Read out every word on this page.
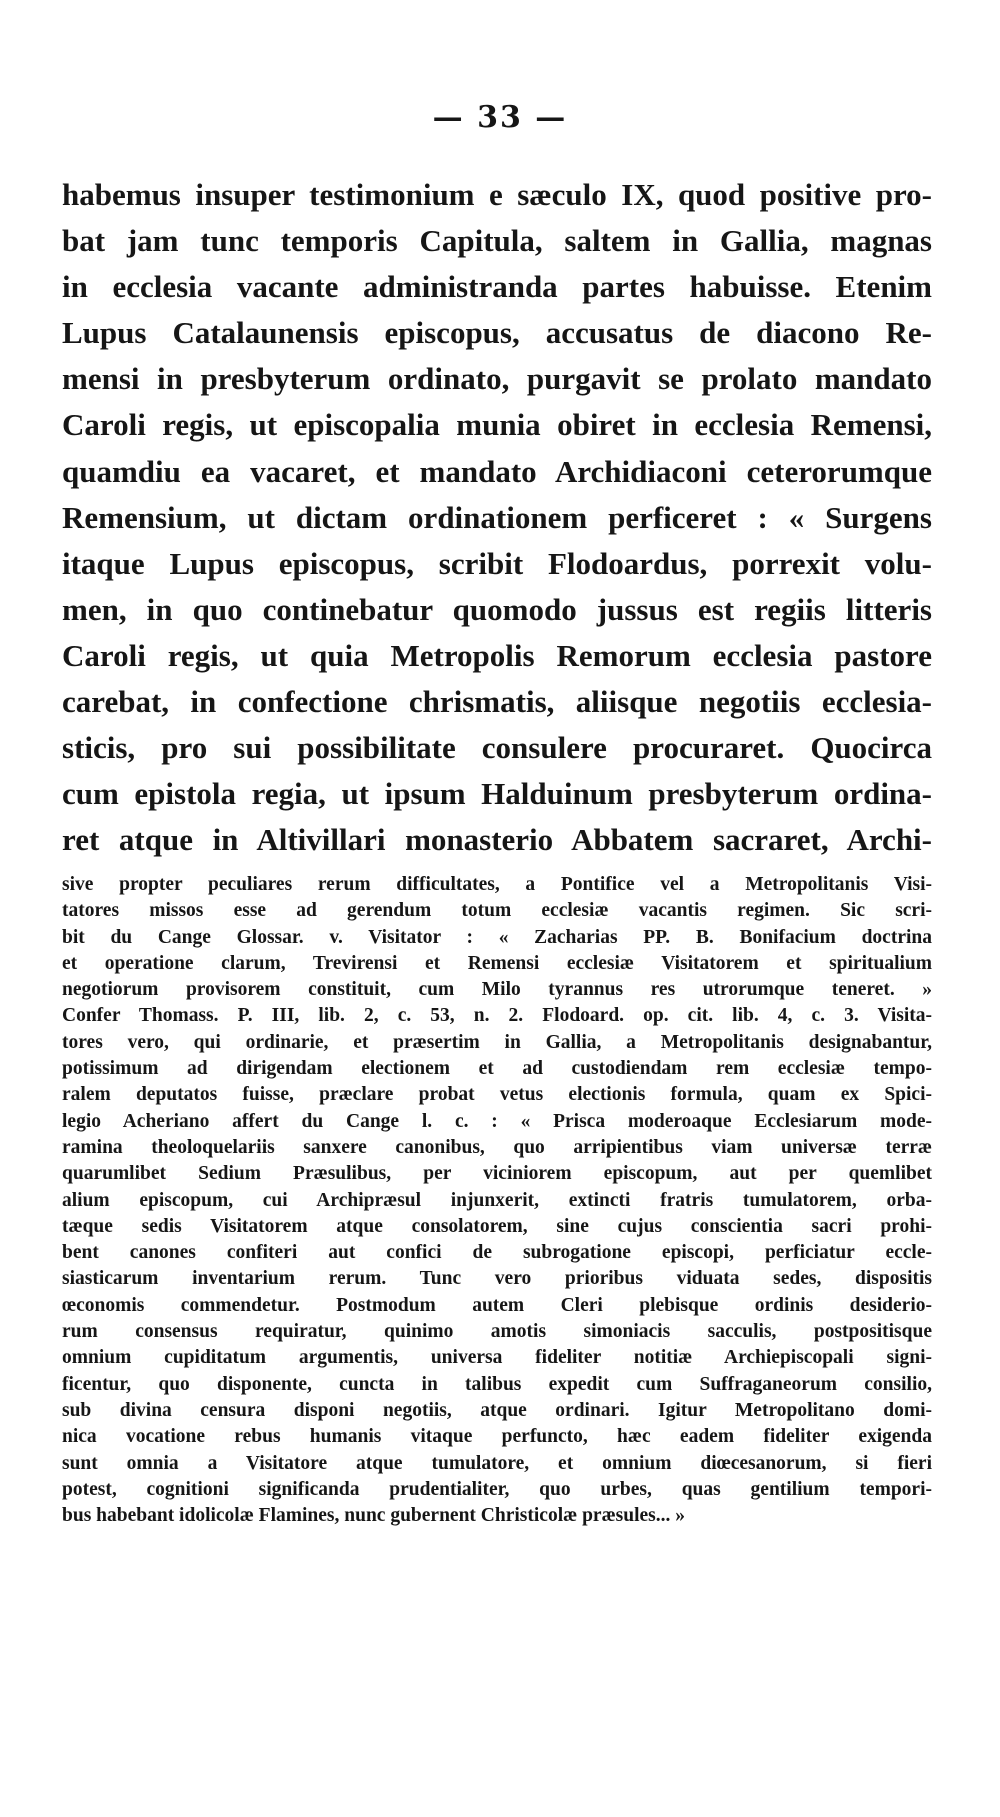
— 33 —
habemus insuper testimonium e sæculo IX, quod positive pro-
bat jam tunc temporis Capitula, saltem in Gallia, magnas
in ecclesia vacante administranda partes habuisse. Etenim
Lupus Catalaunensis episcopus, accusatus de diacono Re-
mensi in presbyterum ordinato, purgavit se prolato mandato
Caroli regis, ut episcopalia munia obiret in ecclesia Remensi,
quamdiu ea vacaret, et mandato Archidiaconi ceterorumque
Remensium, ut dictam ordinationem perficeret : « Surgens
itaque Lupus episcopus, scribit Flodoardus, porrexit volu-
men, in quo continebatur quomodo jussus est regiis litteris
Caroli regis, ut quia Metropolis Remorum ecclesia pastore
carebat, in confectione chrismatis, aliisque negotiis ecclesia-
sticis, pro sui possibilitate consulere procuraret. Quocirca
cum epistola regia, ut ipsum Halduinum presbyterum ordina-
ret atque in Altivillari monasterio Abbatem sacraret, Archi-
sive propter peculiares rerum difficultates, a Pontifice vel a Metropolitanis Visi-
tatores missos esse ad gerendum totum ecclesiæ vacantis regimen. Sic scri-
bit du Cange Glossar. v. Visitator : « Zacharias PP. B. Bonifacium doctrina
et operatione clarum, Trevirensi et Remensi ecclesiæ Visitatorem et spiritualium
negotiorum provisorem constituit, cum Milo tyrannus res utrorumque teneret. »
Confer Thomass. P. III, lib. 2, c. 53, n. 2. Flodoard. op. cit. lib. 4, c. 3. Visita-
tores vero, qui ordinarie, et præsertim in Gallia, a Metropolitanis designabantur,
potissimum ad dirigendam electionem et ad custodiendam rem ecclesiæ tempo-
ralem deputatos fuisse, præclare probat vetus electionis formula, quam ex Spici-
legio Acheriano affert du Cange l. c. : « Prisca moderoaque Ecclesiarum mode-
ramina theoloquelariis sanxere canonibus, quo arripientibus viam universæ terræ
quarumlibet Sedium Præsulibus, per viciniorem episcopum, aut per quemlibet
alium episcopum, cui Archipræsul injunxerit, extincti fratris tumulatorem, orba-
tæque sedis Visitatorem atque consolatorem, sine cujus conscientia sacri prohi-
bent canones confiteri aut confici de subrogatione episcopi, perficiatur eccle-
siasticarum inventarium rerum. Tunc vero prioribus viduata sedes, dispositis
œconomis commendetur. Postmodum autem Cleri plebisque ordinis desiderio-
rum consensus requiratur, quinimo amotis simoniacis sacculis, postpositisque
omnium cupiditatum argumentis, universa fideliter notitiæ Archiepiscopali signi-
ficentur, quo disponente, cuncta in talibus expedit cum Suffraganeorum consilio,
sub divina censura disponi negotiis, atque ordinari. Igitur Metropolitano domi-
nica vocatione rebus humanis vitaque perfuncto, hæc eadem fideliter exigenda
sunt omnia a Visitatore atque tumulatore, et omnium diœcesanorum, si fieri
potest, cognitioni significanda prudentialiter, quo urbes, quas gentilium tempori-
bus habebant idolicolæ Flamines, nunc gubernent Christicolæ præsules... »
